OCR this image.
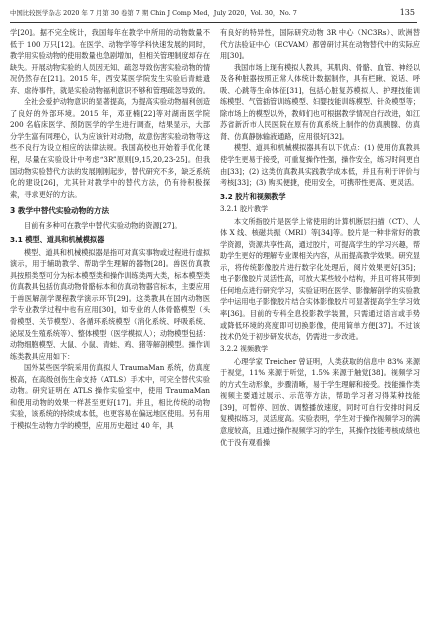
中国比较医学杂志 2020 年 7 月第 30 卷第 7 期 Chin J Comp Med，July 2020，Vol. 30，No. 7	135

学[20]。据不完全统计，我国每年在教学中所用的动物数量不低于 100 万只[12]。在医学、动物学等学科快速发展的同时，教学用实验动物的使用数量也急剧增加，但相关管理制度却存在缺失。开展动物实验的人员因无知、疏忽导致伤害实验动物的情况仍然存在[21]。2015 年，西安某医学院发生实验后青蛙遗弃、虐待事件，就是实验动物福利意识不够和管理疏忽导致的。

全社会爱护动物意识的显著提高，为提高实验动物福利创造了良好的外部环境。2015 年，邓亚楠[22]等对湖南医学院 200 名临床医学、预防医学的学生进行调查，结果显示，大部分学生富有同理心，认为应该针对动物，故意伤害实验动物等这些不良行为设立相应的法律法规。我国高校也开始着手优化课程，尽量在实验设计中考虑“3R”原则[9,15,20,23-25]。但我国动物实验替代方法的发展刚刚起步，替代研究不多，缺乏系统化的建设[26]，尤其针对教学中的替代方法，仍有待积极探索，寻求更好的方法。

3 教学中替代实验动物的方法

目前有多种可在教学中替代实验动物的资源[27]。

3.1 模型、道具和机械模拟器

模型、道具和机械模拟器是指可对真实事物或过程进行虚拟演示，用于辅助教学、帮助学生理解的器物[28]。兽医仿真教具按照类型可分为标本模型类和操作训练类两大类，标本模型类仿真教具包括仿真动物骨骼标本和仿真动物器官标本，主要应用于兽医解剖学课程教学演示环节[29]。这类教具在国内动物医学专业教学过程中也有应用[30]，如专业的人体骨骼模型（头骨模型、关节模型）、各循环系统模型（消化系统、呼吸系统、泌尿及生殖系统等）、整体模型（医学模拟人）；动物模型包括：动物细胞模型、大鼠、小鼠、青蛙、鸡、猪等解剖模型。操作训练类教具应用如下：

国外某些医学院采用仿真拟人 TraumaMan 系统，仿真度极高，在高级创伤生命支持（ATLS）手术中，可完全替代实验动物。研究证明在 ATLS 操作实验室中，使用 TraumaMan 和使用动物的效果一样甚至更好[17]。并且，相比传统的动物实验，该系统的持续成本低，也更容易在偏远地区使用。另有用于模拟生动物力学的模型，应用历史超过 40 年，具

有良好的特异性，国际研究动物 3R 中心（NC3Rs）、欧洲替代方法验证中心（ECVAM）都曾研讨其在动物替代中的实际应用[30]。

我国市场上现有模拟人教具，其肌肉、骨骼、血管、神经以及各种脏器按照正常人体统计数据制作，具有栏瞅、说话、呼吸、心跳等生命体征[31]，包括心脏复苏模拟人、护理技能训练模型、气管插管训练模型、妇婴技能训练模型、针灸模型等；除市场上的模型以外，教师们也可根据教学情况自行改进，如江苏省新沂市人民医院在原有仿真系统上制作的仿真胰腺、仿真肾、仿真静脉输液通路，应用很好[32]。

模型、道具和机械模拟器具有以下优点：(1) 使用仿真教具使学生更易于接受，可重复操作性强，操作安全，练习时间更自由[33]；(2) 这类仿真教具实践教学成本低，并且有利于评价与考核[33]；(3) 购买便捷，使用安全，可携带性更高、更灵活。

3.2 胶片和视频教学
3.2.1 胶片教学

本文所指胶片是医学上常使用的计算机断层扫描（CT）、人体 X 线、核磁共振（MRI）等[34]等。胶片是一种非常好的教学资源，资源共享性高，通过胶片，可提高学生的学习兴趣，帮助学生更好的理解专业课相关内容，从而提高教学效果。研究显示，将传统影像胶片进行数字化处理后，阅片效果更好[35]；电子影像胶片灵活性高，可放大某些较小结构，并且可将其带到任何地点进行研究学习，实验证明在医学、影像解剖学的实验教学中运用电子影像胶片结合实体影像胶片可显著提高学生学习效率[36]。目前的专科全息投影教学装置，只需通过语言或手势或降低环境的亮度即可切换影像，使用简单方便[37]。不过该技术仍处于初步研发状态，仍需进一步改进。

3.2.2 视频教学

心理学家 Treicher 曾证明，人类获取的信息中 83% 来源于视觉，11% 来源于听觉，1.5% 来源于触觉[38]。视频学习的方式生动形象，步骤清晰，易于学生理解和接受。技能操作类视频主要通过展示、示范等方法，帮助学习者习得某种技能[39]，可暂停、回放、调整播放速度，同时可自行安排时间反复模拟练习，灵活度高。实验表明，学生对于操作视频学习的满意度较高，且通过操作视频学习的学生，其操作技能考核成绩也优于没有观看操
